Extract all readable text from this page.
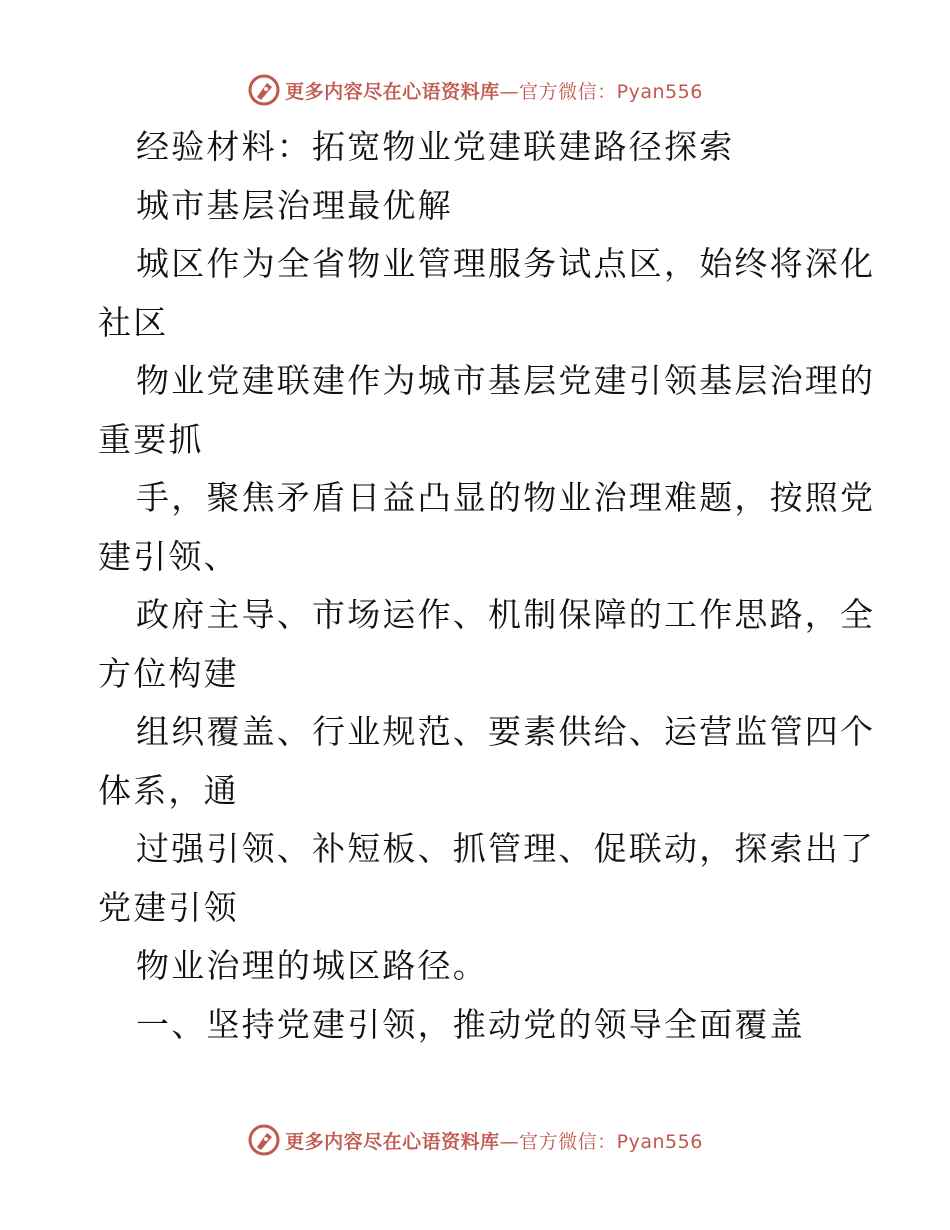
更多内容尽在心语资料库—官方微信：Pyan556
经验材料：拓宽物业党建联建路径探索
城市基层治理最优解
城区作为全省物业管理服务试点区，始终将深化
社区
物业党建联建作为城市基层党建引领基层治理的
重要抓
手，聚焦矛盾日益凸显的物业治理难题，按照党
建引领、
政府主导、市场运作、机制保障的工作思路，全
方位构建
组织覆盖、行业规范、要素供给、运营监管四个
体系，通
过强引领、补短板、抓管理、促联动，探索出了
党建引领
物业治理的城区路径。
一、坚持党建引领，推动党的领导全面覆盖
更多内容尽在心语资料库—官方微信：Pyan556
